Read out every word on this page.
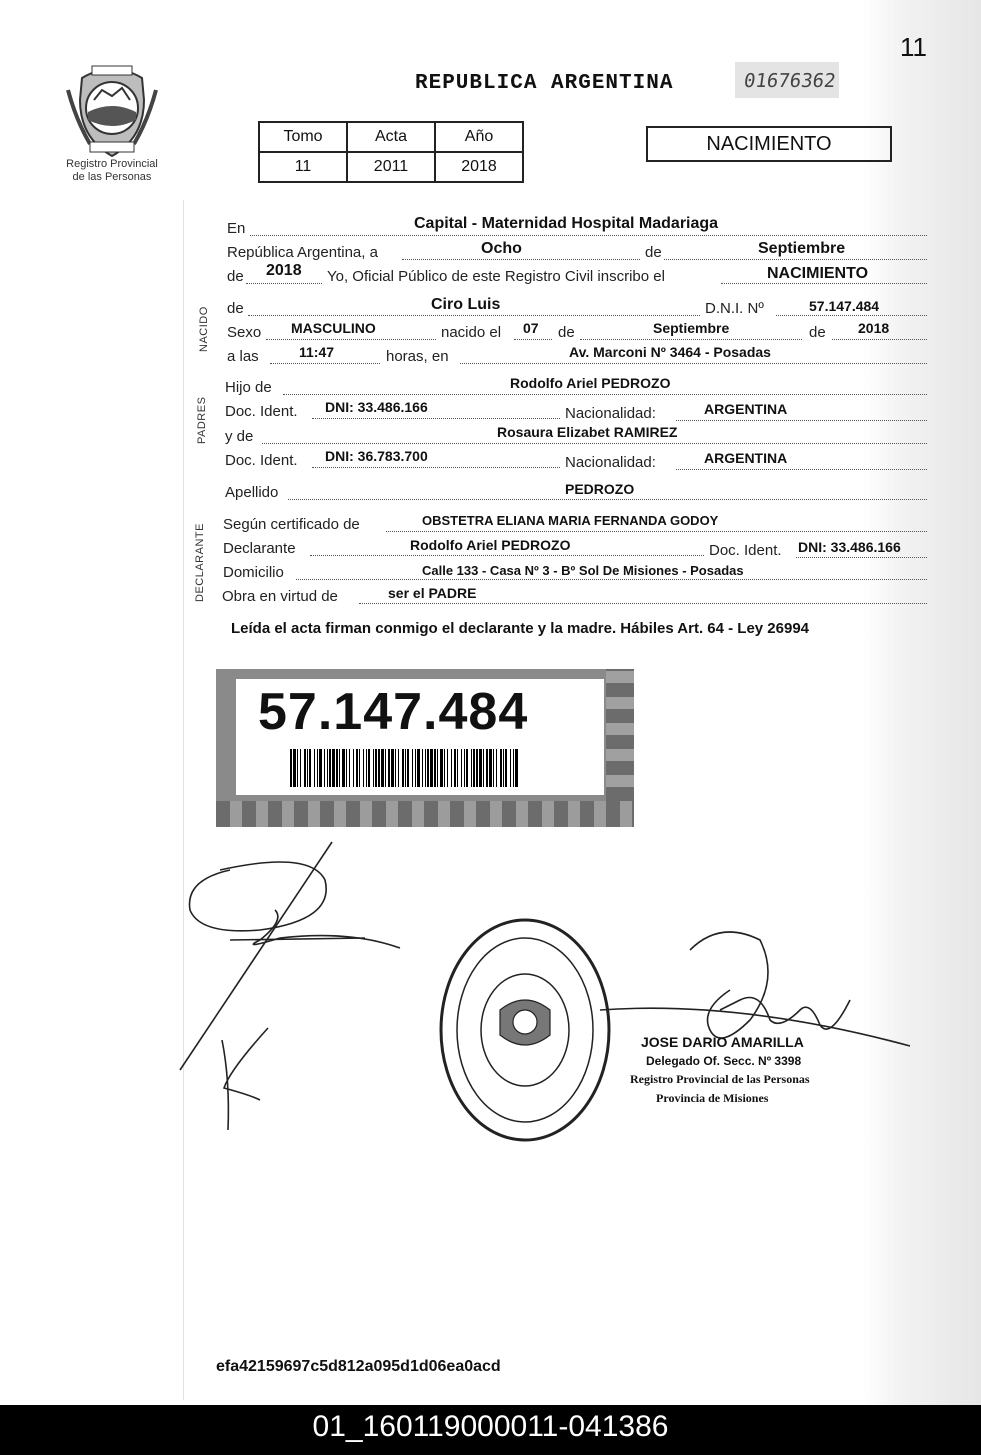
11
Registro Provincial
de las Personas
REPUBLICA ARGENTINA	01676362
Tomo	Acta	Año
11	2011	2018
NACIMIENTO
NACIDO
PADRES
DECLARANTE
En	Capital - Maternidad Hospital Madariaga
República Argentina, a	Ocho	de	Septiembre
de 2018 Yo, Oficial Público de este Registro Civil inscribo el	NACIMIENTO
de	Ciro Luis	D.N.I. Nº	57.147.484
Sexo MASCULINO	nacido el 07 de	Septiembre	de 2018
a las	11:47	horas, en	Av. Marconi Nº 3464 - Posadas
Hijo de	Rodolfo Ariel PEDROZO
Doc. Ident. DNI: 33.486.166	Nacionalidad:	ARGENTINA
y de	Rosaura Elizabet RAMIREZ
Doc. Ident. DNI: 36.783.700	Nacionalidad:	ARGENTINA
Apellido	PEDROZO
Según certificado de	OBSTETRA ELIANA MARIA FERNANDA GODOY
Declarante	Rodolfo Ariel PEDROZO	Doc. Ident. DNI: 33.486.166
Domicilio	Calle 133 - Casa Nº 3 - Bº Sol De Misiones - Posadas
Obra en virtud de	ser el PADRE
Leída el acta firman conmigo el declarante y la madre. Hábiles Art. 64 - Ley 26994
57.147.484
JOSE DARIO AMARILLA
Delegado Of. Secc. Nº 3398
Registro Provincial de las Personas
Provincia de Misiones
efa42159697c5d812a095d1d06ea0acd
01_160119000011-041386
